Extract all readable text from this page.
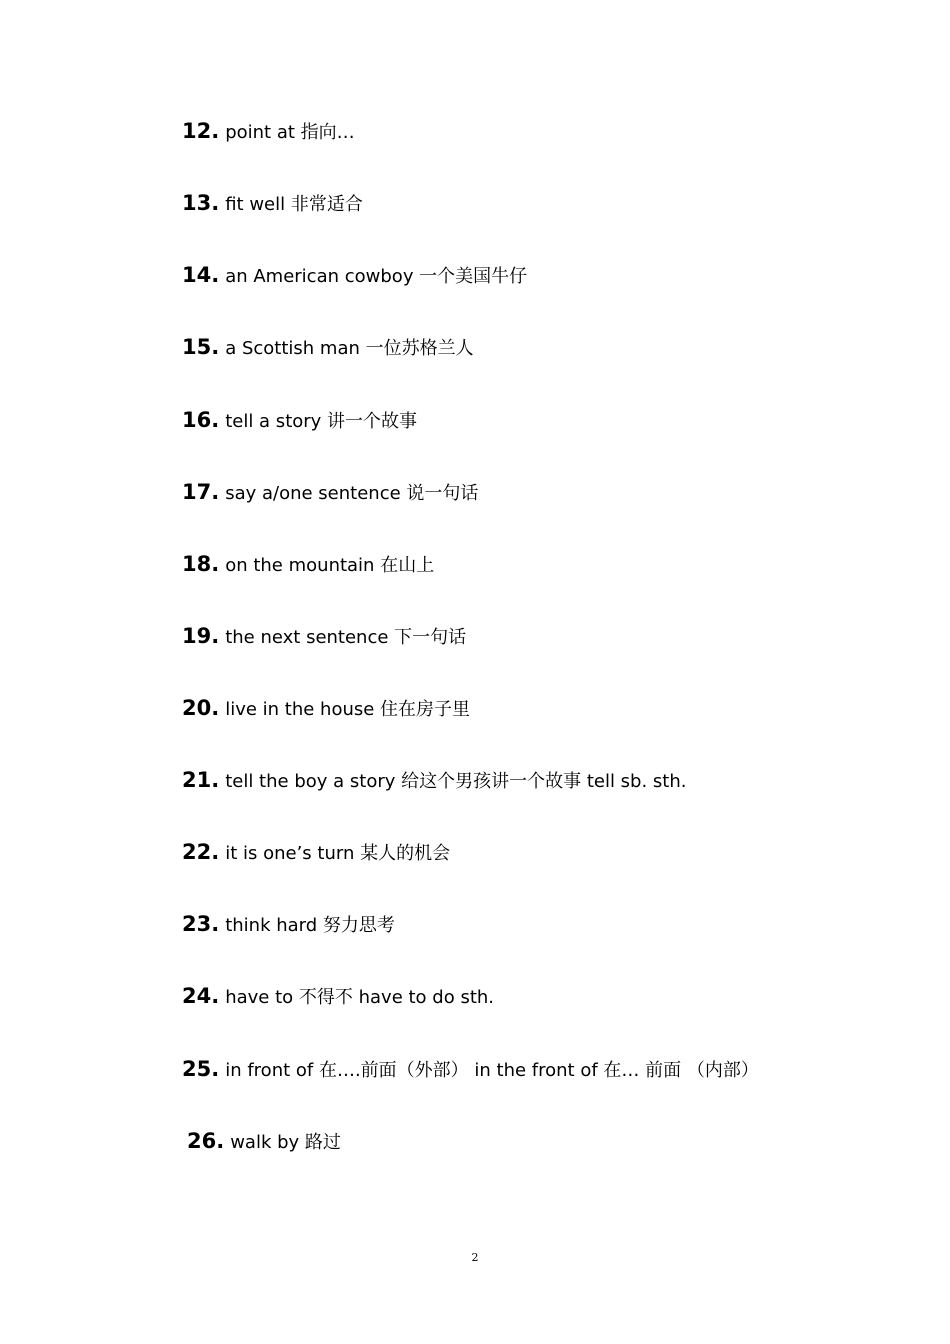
12. point at 指向…
13. fit well 非常适合
14. an American cowboy 一个美国牛仔
15. a Scottish man 一位苏格兰人
16. tell a story 讲一个故事
17. say a/one sentence 说一句话
18. on the mountain 在山上
19. the next sentence 下一句话
20. live in the house 住在房子里
21. tell the boy a story 给这个男孩讲一个故事 tell sb. sth.
22. it is one’s turn 某人的机会
23. think hard 努力思考
24. have to 不得不 have to do sth.
25. in front of 在….前面（外部） in the front of 在… 前面 （内部）
26. walk by 路过
2
